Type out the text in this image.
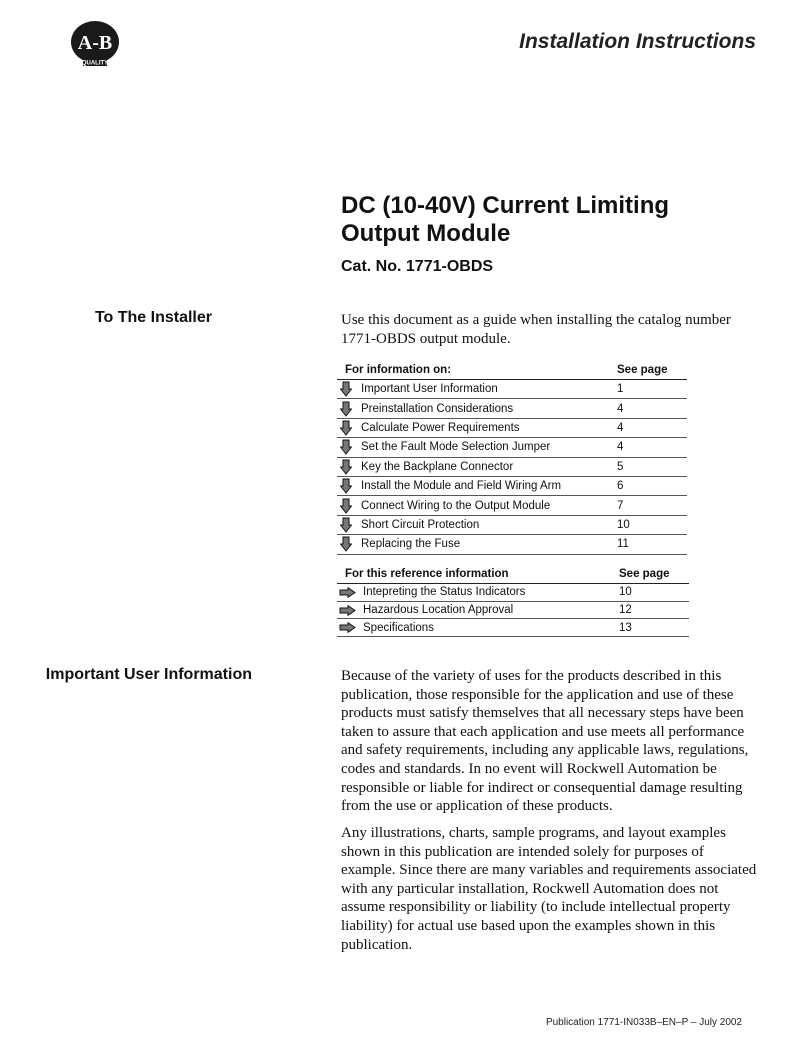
A-B
QUALITY
Installation Instructions
DC (10-40V) Current Limiting
Output Module
Cat. No. 1771-OBDS
To The Installer	Use this document as a guide when installing the catalog number 1771-OBDS output module.
For information on:	See page
Important User Information	1
Preinstallation Considerations	4
Calculate Power Requirements	4
Set the Fault Mode Selection Jumper	4
Key the Backplane Connector	5
Install the Module and Field Wiring Arm	6
Connect Wiring to the Output Module	7
Short Circuit Protection	10
Replacing the Fuse	11
For this reference information	See page
Intepreting the Status Indicators	10
Hazardous Location Approval	12
Specifications	13
Important User Information	Because of the variety of uses for the products described in this publication, those responsible for the application and use of these products must satisfy themselves that all necessary steps have been taken to assure that each application and use meets all performance and safety requirements, including any applicable laws, regulations, codes and standards. In no event will Rockwell Automation be responsible or liable for indirect or consequential damage resulting from the use or application of these products.
Any illustrations, charts, sample programs, and layout examples shown in this publication are intended solely for purposes of example. Since there are many variables and requirements associated with any particular installation, Rockwell Automation does not assume responsibility or liability (to include intellectual property liability) for actual use based upon the examples shown in this publication.
Publication 1771-IN033B–EN–P – July 2002
